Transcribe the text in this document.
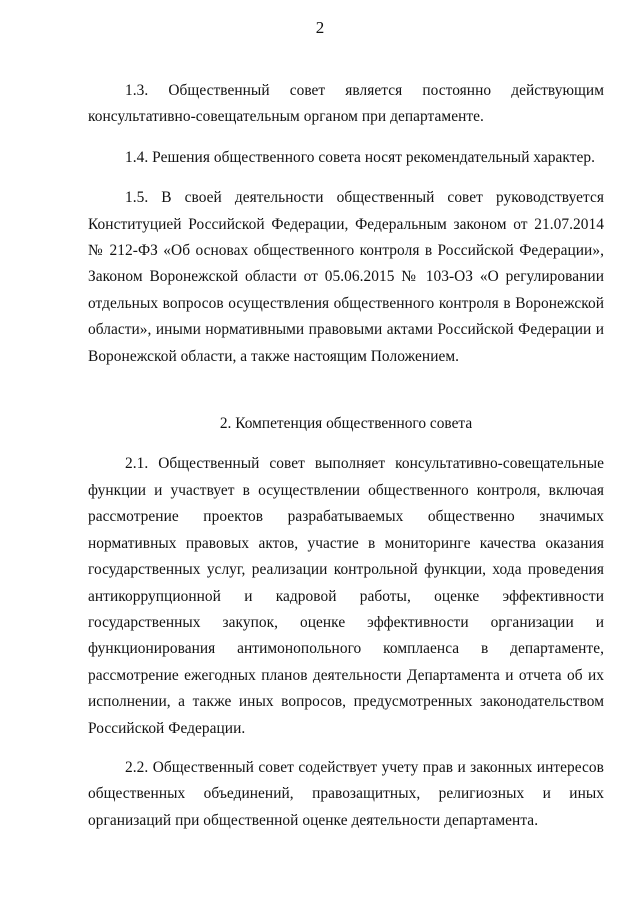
2

1.3. Общественный совет является постоянно действующим консультативно-совещательным органом при департаменте.

1.4. Решения общественного совета носят рекомендательный характер.

1.5. В своей деятельности общественный совет руководствуется Конституцией Российской Федерации, Федеральным законом от 21.07.2014 № 212-ФЗ «Об основах общественного контроля в Российской Федерации», Законом Воронежской области от 05.06.2015 № 103-ОЗ «О регулировании отдельных вопросов осуществления общественного контроля в Воронежской области», иными нормативными правовыми актами Российской Федерации и Воронежской области, а также настоящим Положением.

2. Компетенция общественного совета

2.1. Общественный совет выполняет консультативно-совещательные функции и участвует в осуществлении общественного контроля, включая рассмотрение проектов разрабатываемых общественно значимых нормативных правовых актов, участие в мониторинге качества оказания государственных услуг, реализации контрольной функции, хода проведения антикоррупционной и кадровой работы, оценке эффективности государственных закупок, оценке эффективности организации и функционирования антимонопольного комплаенса в департаменте, рассмотрение ежегодных планов деятельности Департамента и отчета об их исполнении, а также иных вопросов, предусмотренных законодательством Российской Федерации.

2.2. Общественный совет содействует учету прав и законных интересов общественных объединений, правозащитных, религиозных и иных организаций при общественной оценке деятельности департамента.
